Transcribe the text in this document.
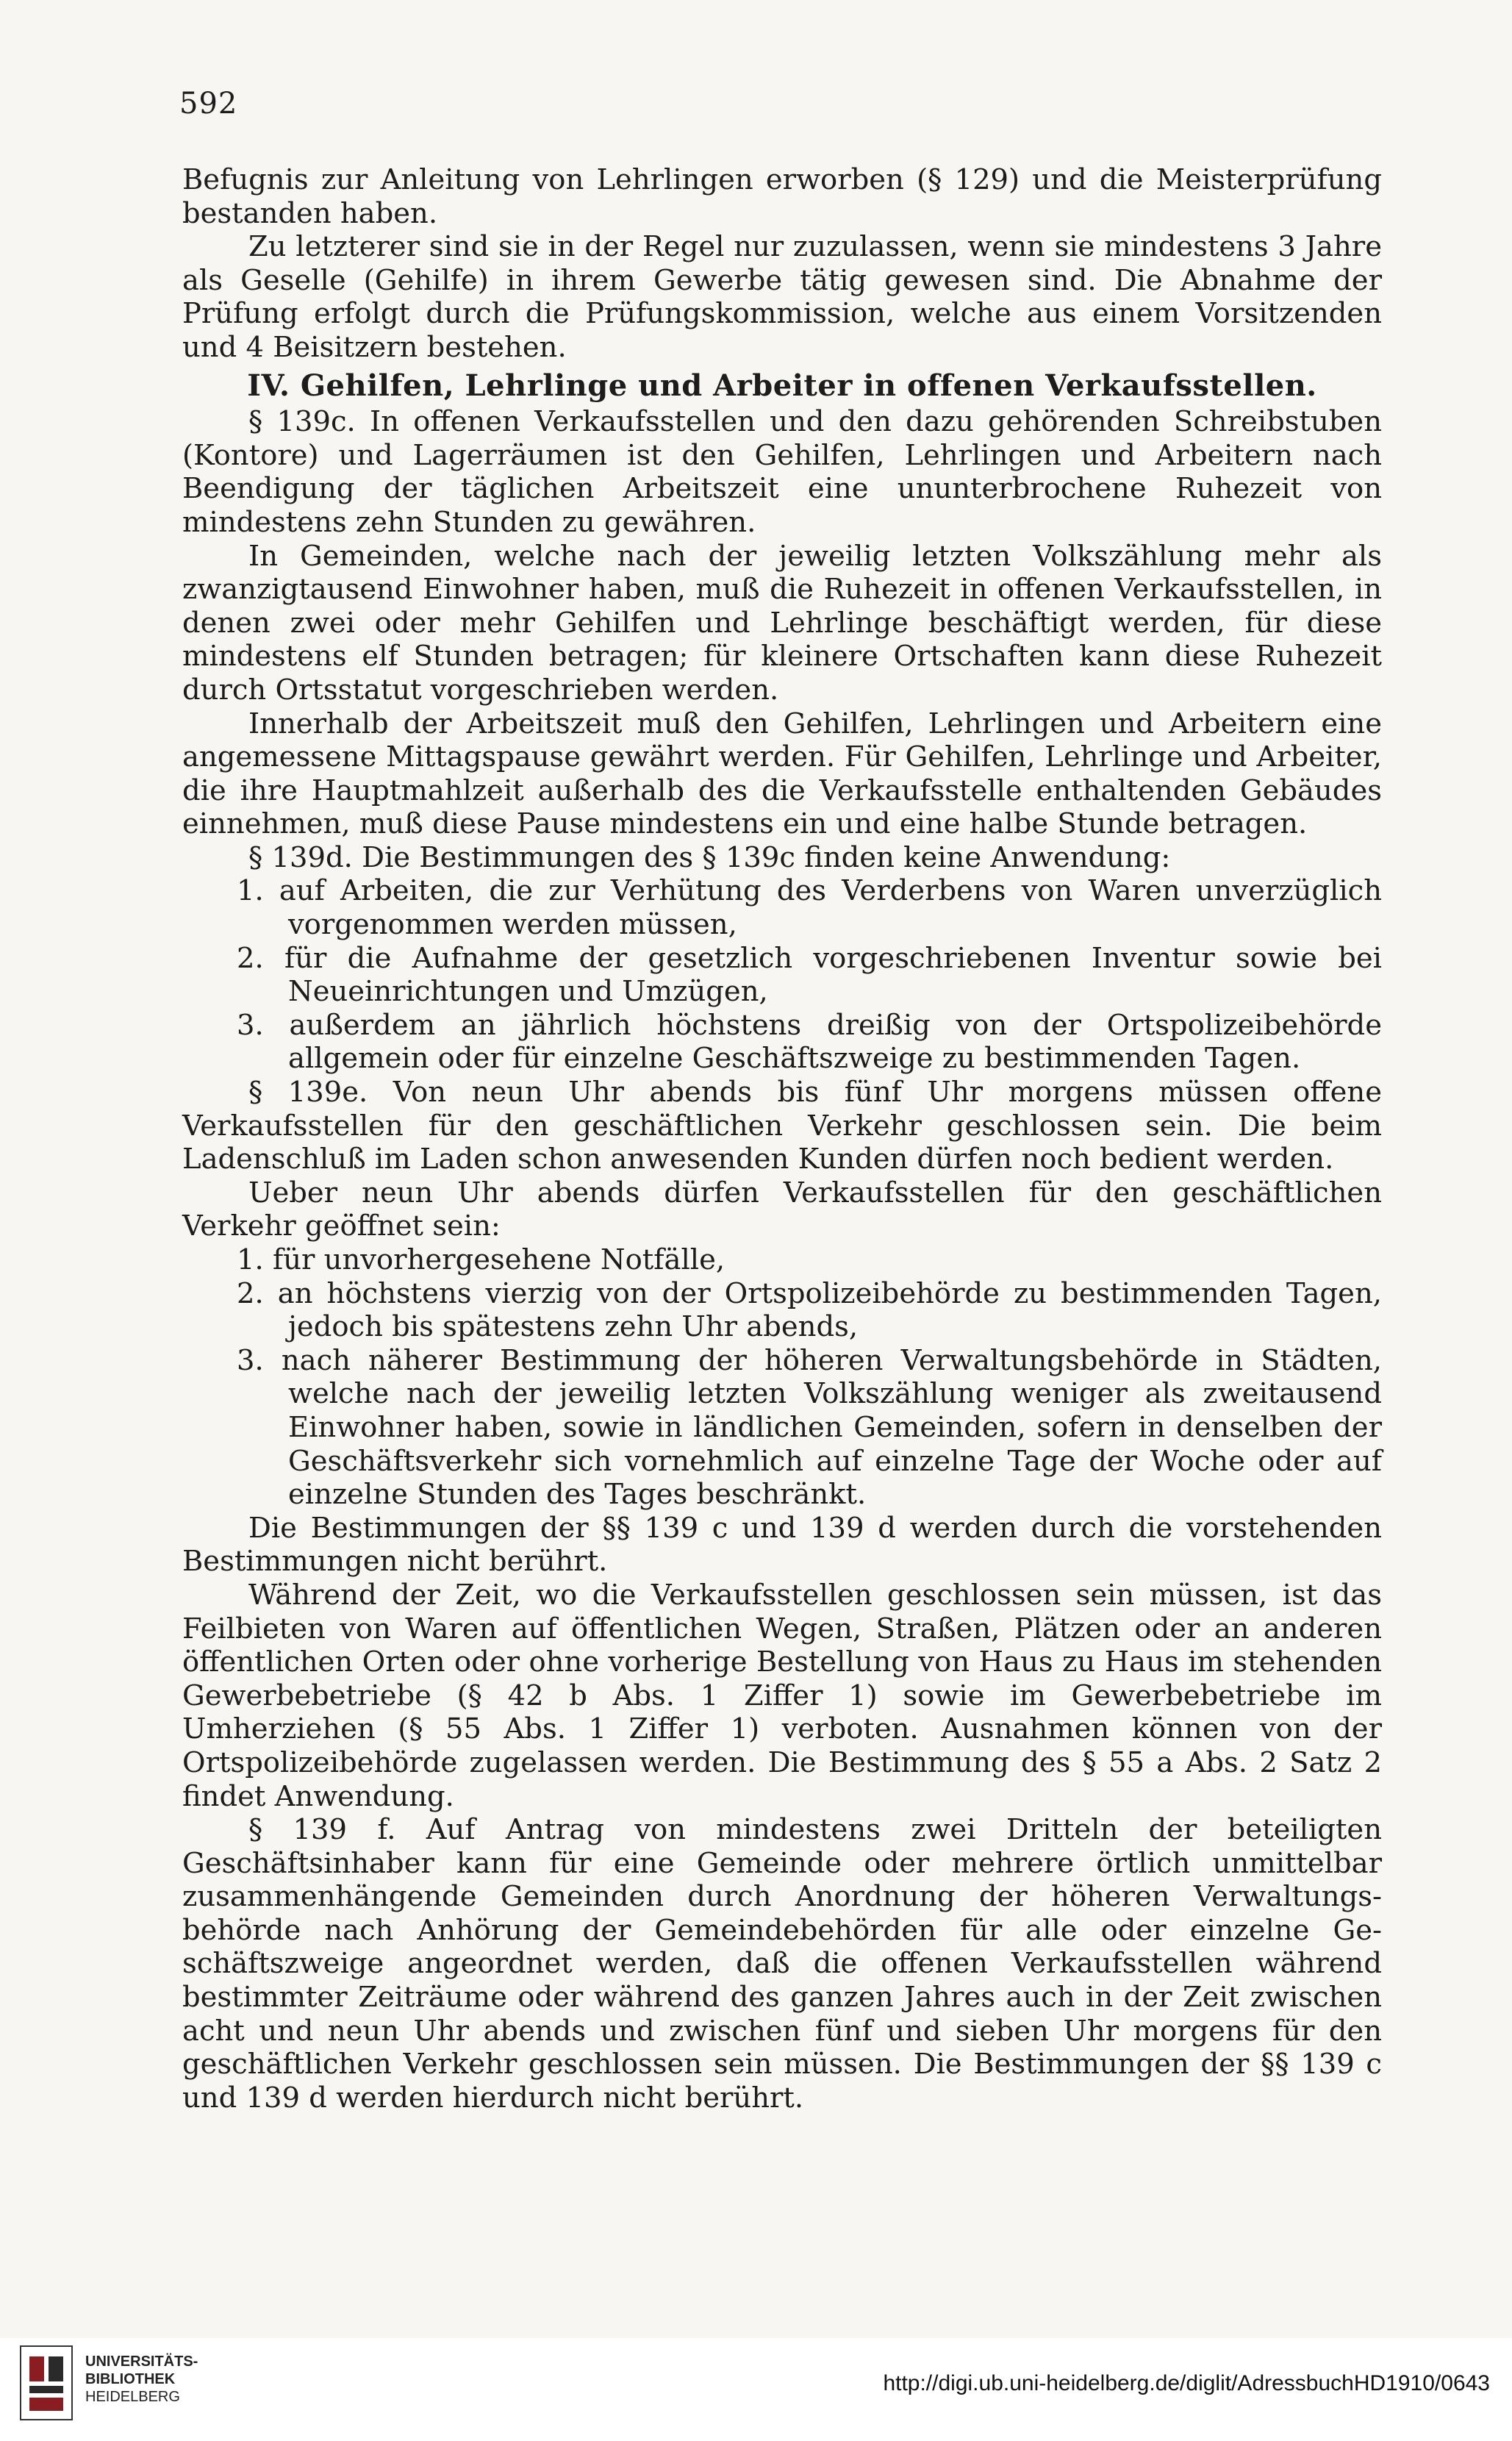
592

Befugnis zur Anleitung von Lehrlingen erworben (§ 129) und die Meisterprüfung bestanden haben.

Zu letzterer sind sie in der Regel nur zuzulassen, wenn sie mindestens 3 Jahre als Geselle (Gehilfe) in ihrem Gewerbe tätig gewesen sind. Die Abnahme der Prüfung erfolgt durch die Prüfungskommission, welche aus einem Vorsitzenden und 4 Beisitzern bestehen.

IV. Gehilfen, Lehrlinge und Arbeiter in offenen Verkaufsstellen.

§ 139c. In offenen Verkaufsstellen und den dazu gehörenden Schreibstuben (Kontore) und Lagerräumen ist den Gehilfen, Lehrlingen und Arbeitern nach Beendigung der täglichen Arbeitszeit eine ununterbrochene Ruhezeit von mindestens zehn Stunden zu gewähren.

In Gemeinden, welche nach der jeweilig letzten Volkszählung mehr als zwanzigtausend Einwohner haben, muß die Ruhezeit in offenen Verkaufsstellen, in denen zwei oder mehr Gehilfen und Lehrlinge beschäftigt werden, für diese mindestens elf Stunden betragen; für kleinere Ortschaften kann diese Ruhezeit durch Ortsstatut vorgeschrieben werden.

Innerhalb der Arbeitszeit muß den Gehilfen, Lehrlingen und Arbeitern eine angemessene Mittagspause gewährt werden. Für Gehilfen, Lehrlinge und Arbeiter, die ihre Hauptmahlzeit außerhalb des die Verkaufsstelle enthaltenden Gebäudes einnehmen, muß diese Pause mindestens ein und eine halbe Stunde betragen.

§ 139d. Die Bestimmungen des § 139c finden keine Anwendung:

1. auf Arbeiten, die zur Verhütung des Verderbens von Waren unverzüglich vorgenommen werden müssen,

2. für die Aufnahme der gesetzlich vorgeschriebenen Inventur sowie bei Neueinrichtungen und Umzügen,

3. außerdem an jährlich höchstens dreißig von der Ortspolizeibehörde allgemein oder für einzelne Geschäftszweige zu bestimmenden Tagen.

§ 139e. Von neun Uhr abends bis fünf Uhr morgens müssen offene Verkaufsstellen für den geschäftlichen Verkehr geschlossen sein. Die beim Ladenschluß im Laden schon anwesenden Kunden dürfen noch bedient werden.

Ueber neun Uhr abends dürfen Verkaufsstellen für den geschäftlichen Verkehr geöffnet sein:

1. für unvorhergesehene Notfälle,

2. an höchstens vierzig von der Ortspolizeibehörde zu bestimmenden Tagen, jedoch bis spätestens zehn Uhr abends,

3. nach näherer Bestimmung der höheren Verwaltungsbehörde in Städten, welche nach der jeweilig letzten Volkszählung weniger als zweitausend Einwohner haben, sowie in ländlichen Gemeinden, sofern in denselben der Geschäftsverkehr sich vornehmlich auf einzelne Tage der Woche oder auf einzelne Stunden des Tages beschränkt.

Die Bestimmungen der §§ 139 c und 139 d werden durch die vorstehenden Bestimmungen nicht berührt.

Während der Zeit, wo die Verkaufsstellen geschlossen sein müssen, ist das Feilbieten von Waren auf öffentlichen Wegen, Straßen, Plätzen oder an anderen öffentlichen Orten oder ohne vorherige Bestellung von Haus zu Haus im stehenden Gewerbebetriebe (§ 42 b Abs. 1 Ziffer 1) sowie im Gewerbebetriebe im Umherziehen (§ 55 Abs. 1 Ziffer 1) verboten. Ausnahmen können von der Ortspolizeibehörde zugelassen werden. Die Bestimmung des § 55 a Abs. 2 Satz 2 findet Anwendung.

§ 139 f. Auf Antrag von mindestens zwei Dritteln der beteiligten Geschäftsinhaber kann für eine Gemeinde oder mehrere örtlich unmittelbar zusammenhängende Gemeinden durch Anordnung der höheren Verwaltungsbehörde nach Anhörung der Gemeindebehörden für alle oder einzelne Geschäftszweige angeordnet werden, daß die offenen Verkaufsstellen während bestimmter Zeiträume oder während des ganzen Jahres auch in der Zeit zwischen acht und neun Uhr abends und zwischen fünf und sieben Uhr morgens für den geschäftlichen Verkehr geschlossen sein müssen. Die Bestimmungen der §§ 139 c und 139 d werden hierdurch nicht berührt.

UNIVERSITÄTS-
BIBLIOTHEK
HEIDELBERG
http://digi.ub.uni-heidelberg.de/diglit/AdressbuchHD1910/0643
